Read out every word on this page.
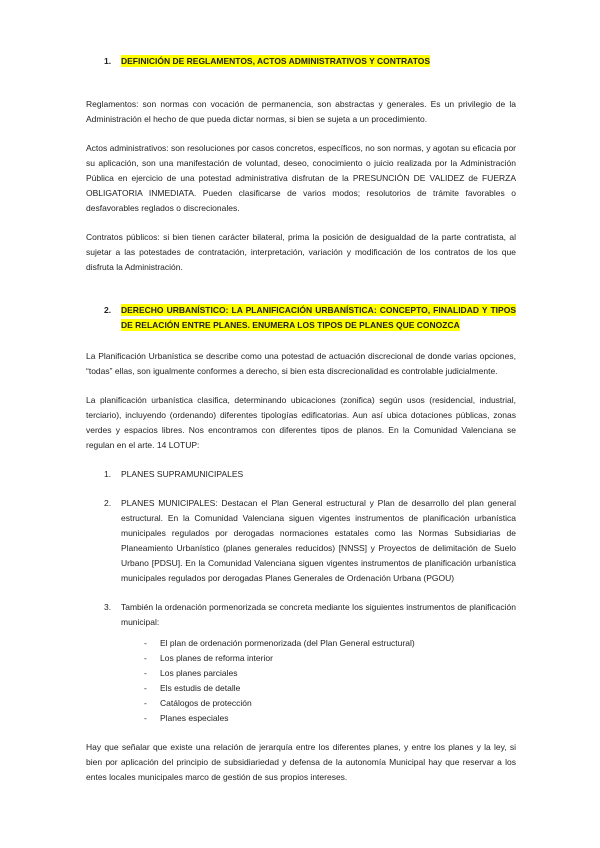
1.	DEFINICIÓN DE REGLAMENTOS, ACTOS ADMINISTRATIVOS Y CONTRATOS

Reglamentos: son normas con vocación de permanencia, son abstractas y generales. Es un privilegio de la Administración el hecho de que pueda dictar normas, si bien se sujeta a un procedimiento.

Actos administrativos: son resoluciones por casos concretos, específicos, no son normas, y agotan su eficacia por su aplicación, son una manifestación de voluntad, deseo, conocimiento o juicio realizada por la Administración Pública en ejercicio de una potestad administrativa disfrutan de la PRESUNCIÓN DE VALIDEZ de FUERZA OBLIGATORIA INMEDIATA. Pueden clasificarse de varios modos; resolutorios de trámite favorables o desfavorables reglados o discrecionales.

Contratos públicos: si bien tienen carácter bilateral, prima la posición de desigualdad de la parte contratista, al sujetar a las potestades de contratación, interpretación, variación y modificación de los contratos de los que disfruta la Administración.

2.	DERECHO URBANÍSTICO: LA PLANIFICACIÓN URBANÍSTICA: CONCEPTO, FINALIDAD Y TIPOS DE RELACIÓN ENTRE PLANES. ENUMERA LOS TIPOS DE PLANES QUE CONOZCA

La Planificación Urbanística se describe como una potestad de actuación discrecional de donde varias opciones, “todas” ellas, son igualmente conformes a derecho, si bien esta discrecionalidad es controlable judicialmente.

La planificación urbanística clasifica, determinando ubicaciones (zonifica) según usos (residencial, industrial, terciario), incluyendo (ordenando) diferentes tipologías edificatorias. Aun así ubica dotaciones públicas, zonas verdes y espacios libres. Nos encontramos con diferentes tipos de planos. En la Comunidad Valenciana se regulan en el arte. 14 LOTUP:

1.	PLANES SUPRAMUNICIPALES
2.	PLANES MUNICIPALES: Destacan el Plan General estructural y Plan de desarrollo del plan general estructural. En la Comunidad Valenciana siguen vigentes instrumentos de planificación urbanística municipales regulados por derogadas normaciones estatales como las Normas Subsidiarias de Planeamiento Urbanístico (planes generales reducidos) [NNSS] y Proyectos de delimitación de Suelo Urbano [PDSU]. En la Comunidad Valenciana siguen vigentes instrumentos de planificación urbanística municipales regulados por derogadas Planes Generales de Ordenación Urbana (PGOU)
3.	También la ordenación pormenorizada se concreta mediante los siguientes instrumentos de planificación municipal:
-	El plan de ordenación pormenorizada (del Plan General estructural)
-	Los planes de reforma interior
-	Los planes parciales
-	Els estudis de detalle
-	Catálogos de protección
-	Planes especiales

Hay que señalar que existe una relación de jerarquía entre los diferentes planes, y entre los planes y la ley, si bien por aplicación del principio de subsidiariedad y defensa de la autonomía Municipal hay que reservar a los entes locales municipales marco de gestión de sus propios intereses.
